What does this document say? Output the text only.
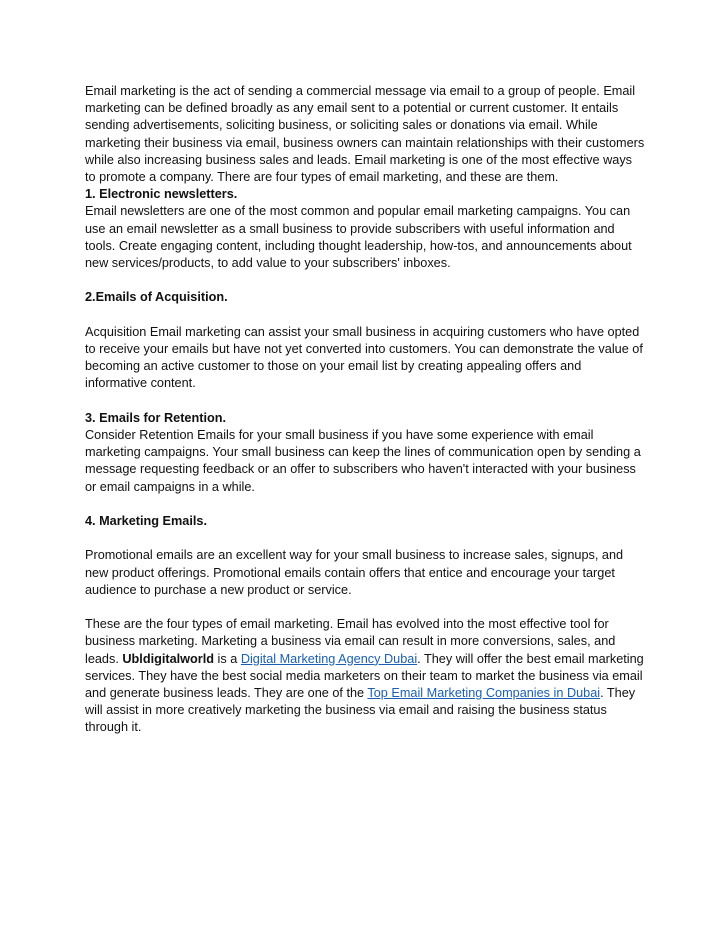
Email marketing is the act of sending a commercial message via email to a group of people. Email marketing can be defined broadly as any email sent to a potential or current customer. It entails sending advertisements, soliciting business, or soliciting sales or donations via email. While marketing their business via email, business owners can maintain relationships with their customers while also increasing business sales and leads. Email marketing is one of the most effective ways to promote a company. There are four types of email marketing, and these are them.

1. Electronic newsletters.

Email newsletters are one of the most common and popular email marketing campaigns. You can use an email newsletter as a small business to provide subscribers with useful information and tools. Create engaging content, including thought leadership, how-tos, and announcements about new services/products, to add value to your subscribers' inboxes.

2.Emails of Acquisition.

Acquisition Email marketing can assist your small business in acquiring customers who have opted to receive your emails but have not yet converted into customers. You can demonstrate the value of becoming an active customer to those on your email list by creating appealing offers and informative content.

3. Emails for Retention.

Consider Retention Emails for your small business if you have some experience with email marketing campaigns. Your small business can keep the lines of communication open by sending a message requesting feedback or an offer to subscribers who haven't interacted with your business or email campaigns in a while.

4. Marketing Emails.

Promotional emails are an excellent way for your small business to increase sales, signups, and new product offerings. Promotional emails contain offers that entice and encourage your target audience to purchase a new product or service.

These are the four types of email marketing. Email has evolved into the most effective tool for business marketing. Marketing a business via email can result in more conversions, sales, and leads. Ubldigitalworld is a Digital Marketing Agency Dubai. They will offer the best email marketing services. They have the best social media marketers on their team to market the business via email and generate business leads. They are one of the Top Email Marketing Companies in Dubai. They will assist in more creatively marketing the business via email and raising the business status through it.
